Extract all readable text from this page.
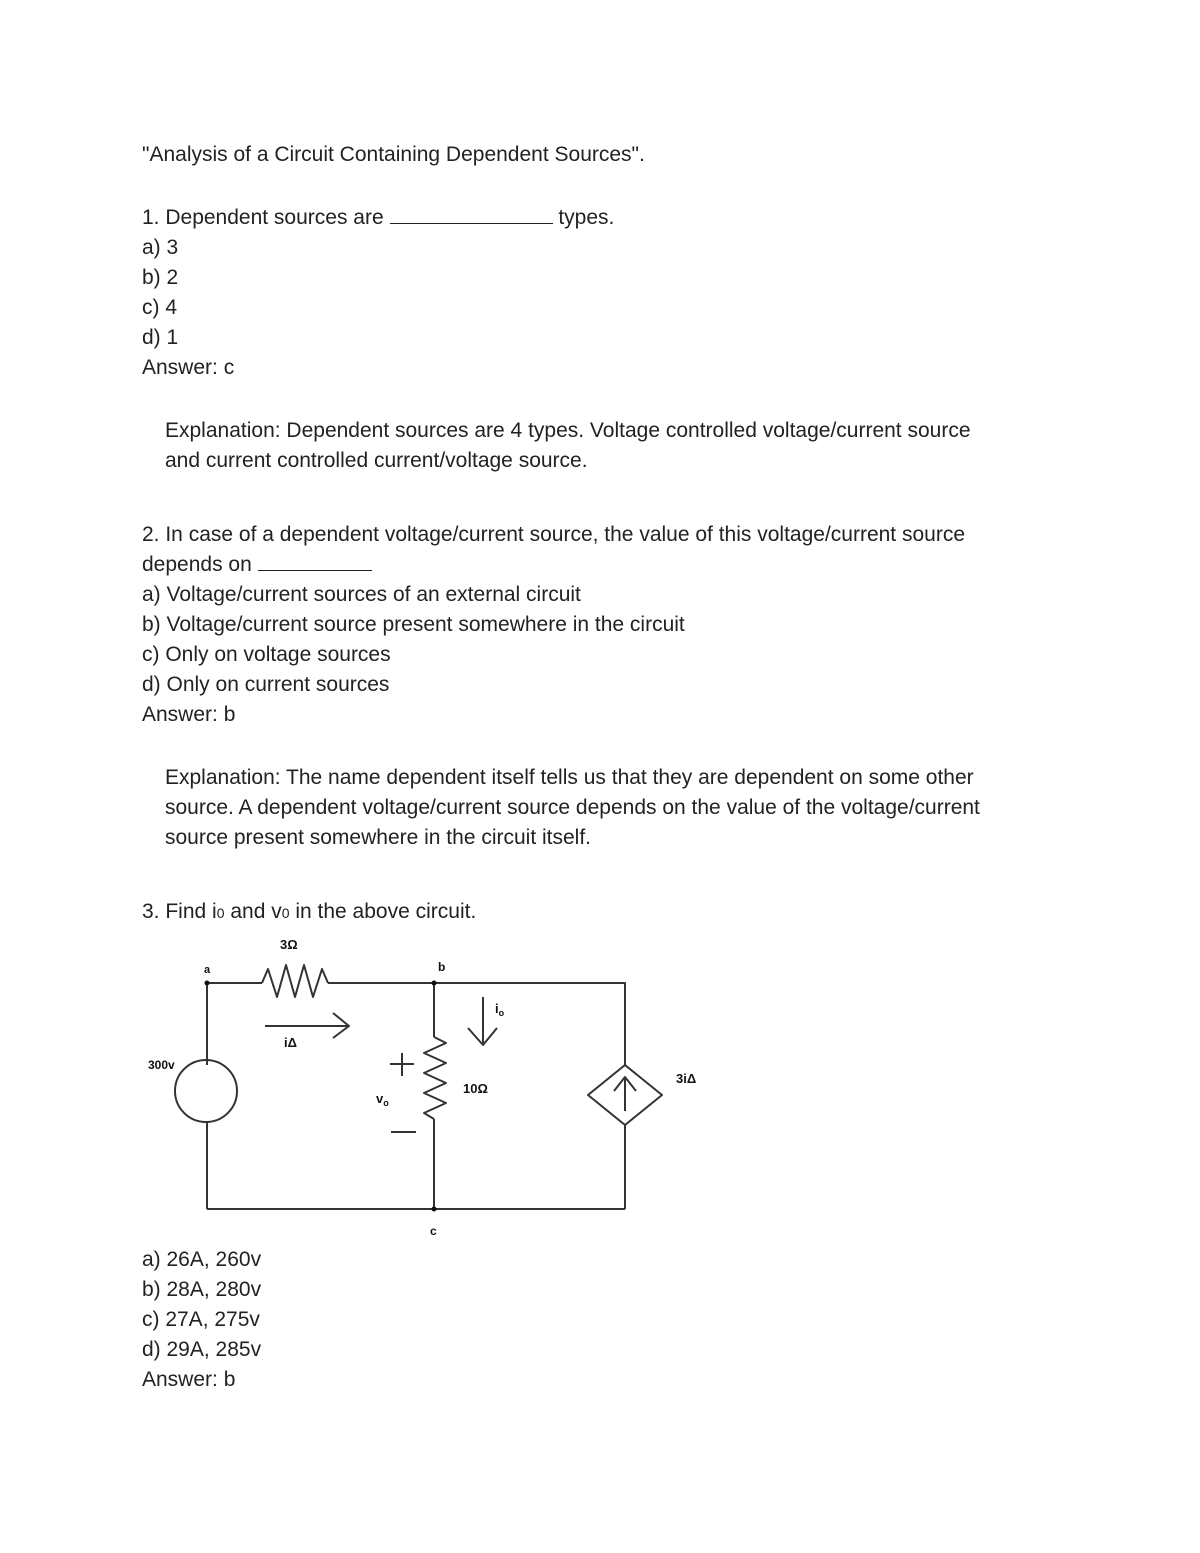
"Analysis of a Circuit Containing Dependent Sources".
1. Dependent sources are	types.
a) 3
b) 2
c) 4
d) 1
Answer: c
Explanation: Dependent sources are 4 types. Voltage controlled voltage/current source
and current controlled current/voltage source.
2. In case of a dependent voltage/current source, the value of this voltage/current source
depends on
a) Voltage/current sources of an external circuit
b) Voltage/current source present somewhere in the circuit
c) Only on voltage sources
d) Only on current sources
Answer: b
Explanation: The name dependent itself tells us that they are dependent on some other
source. A dependent voltage/current source depends on the value of the voltage/current
source present somewhere in the circuit itself.
3. Find i0 and v0 in the above circuit.
3Ω
a	b
iΔ
$i_o$
300v
$v_o$
10Ω
3iΔ
c
a) 26A, 260v
b) 28A, 280v
c) 27A, 275v
d) 29A, 285v
Answer: b
